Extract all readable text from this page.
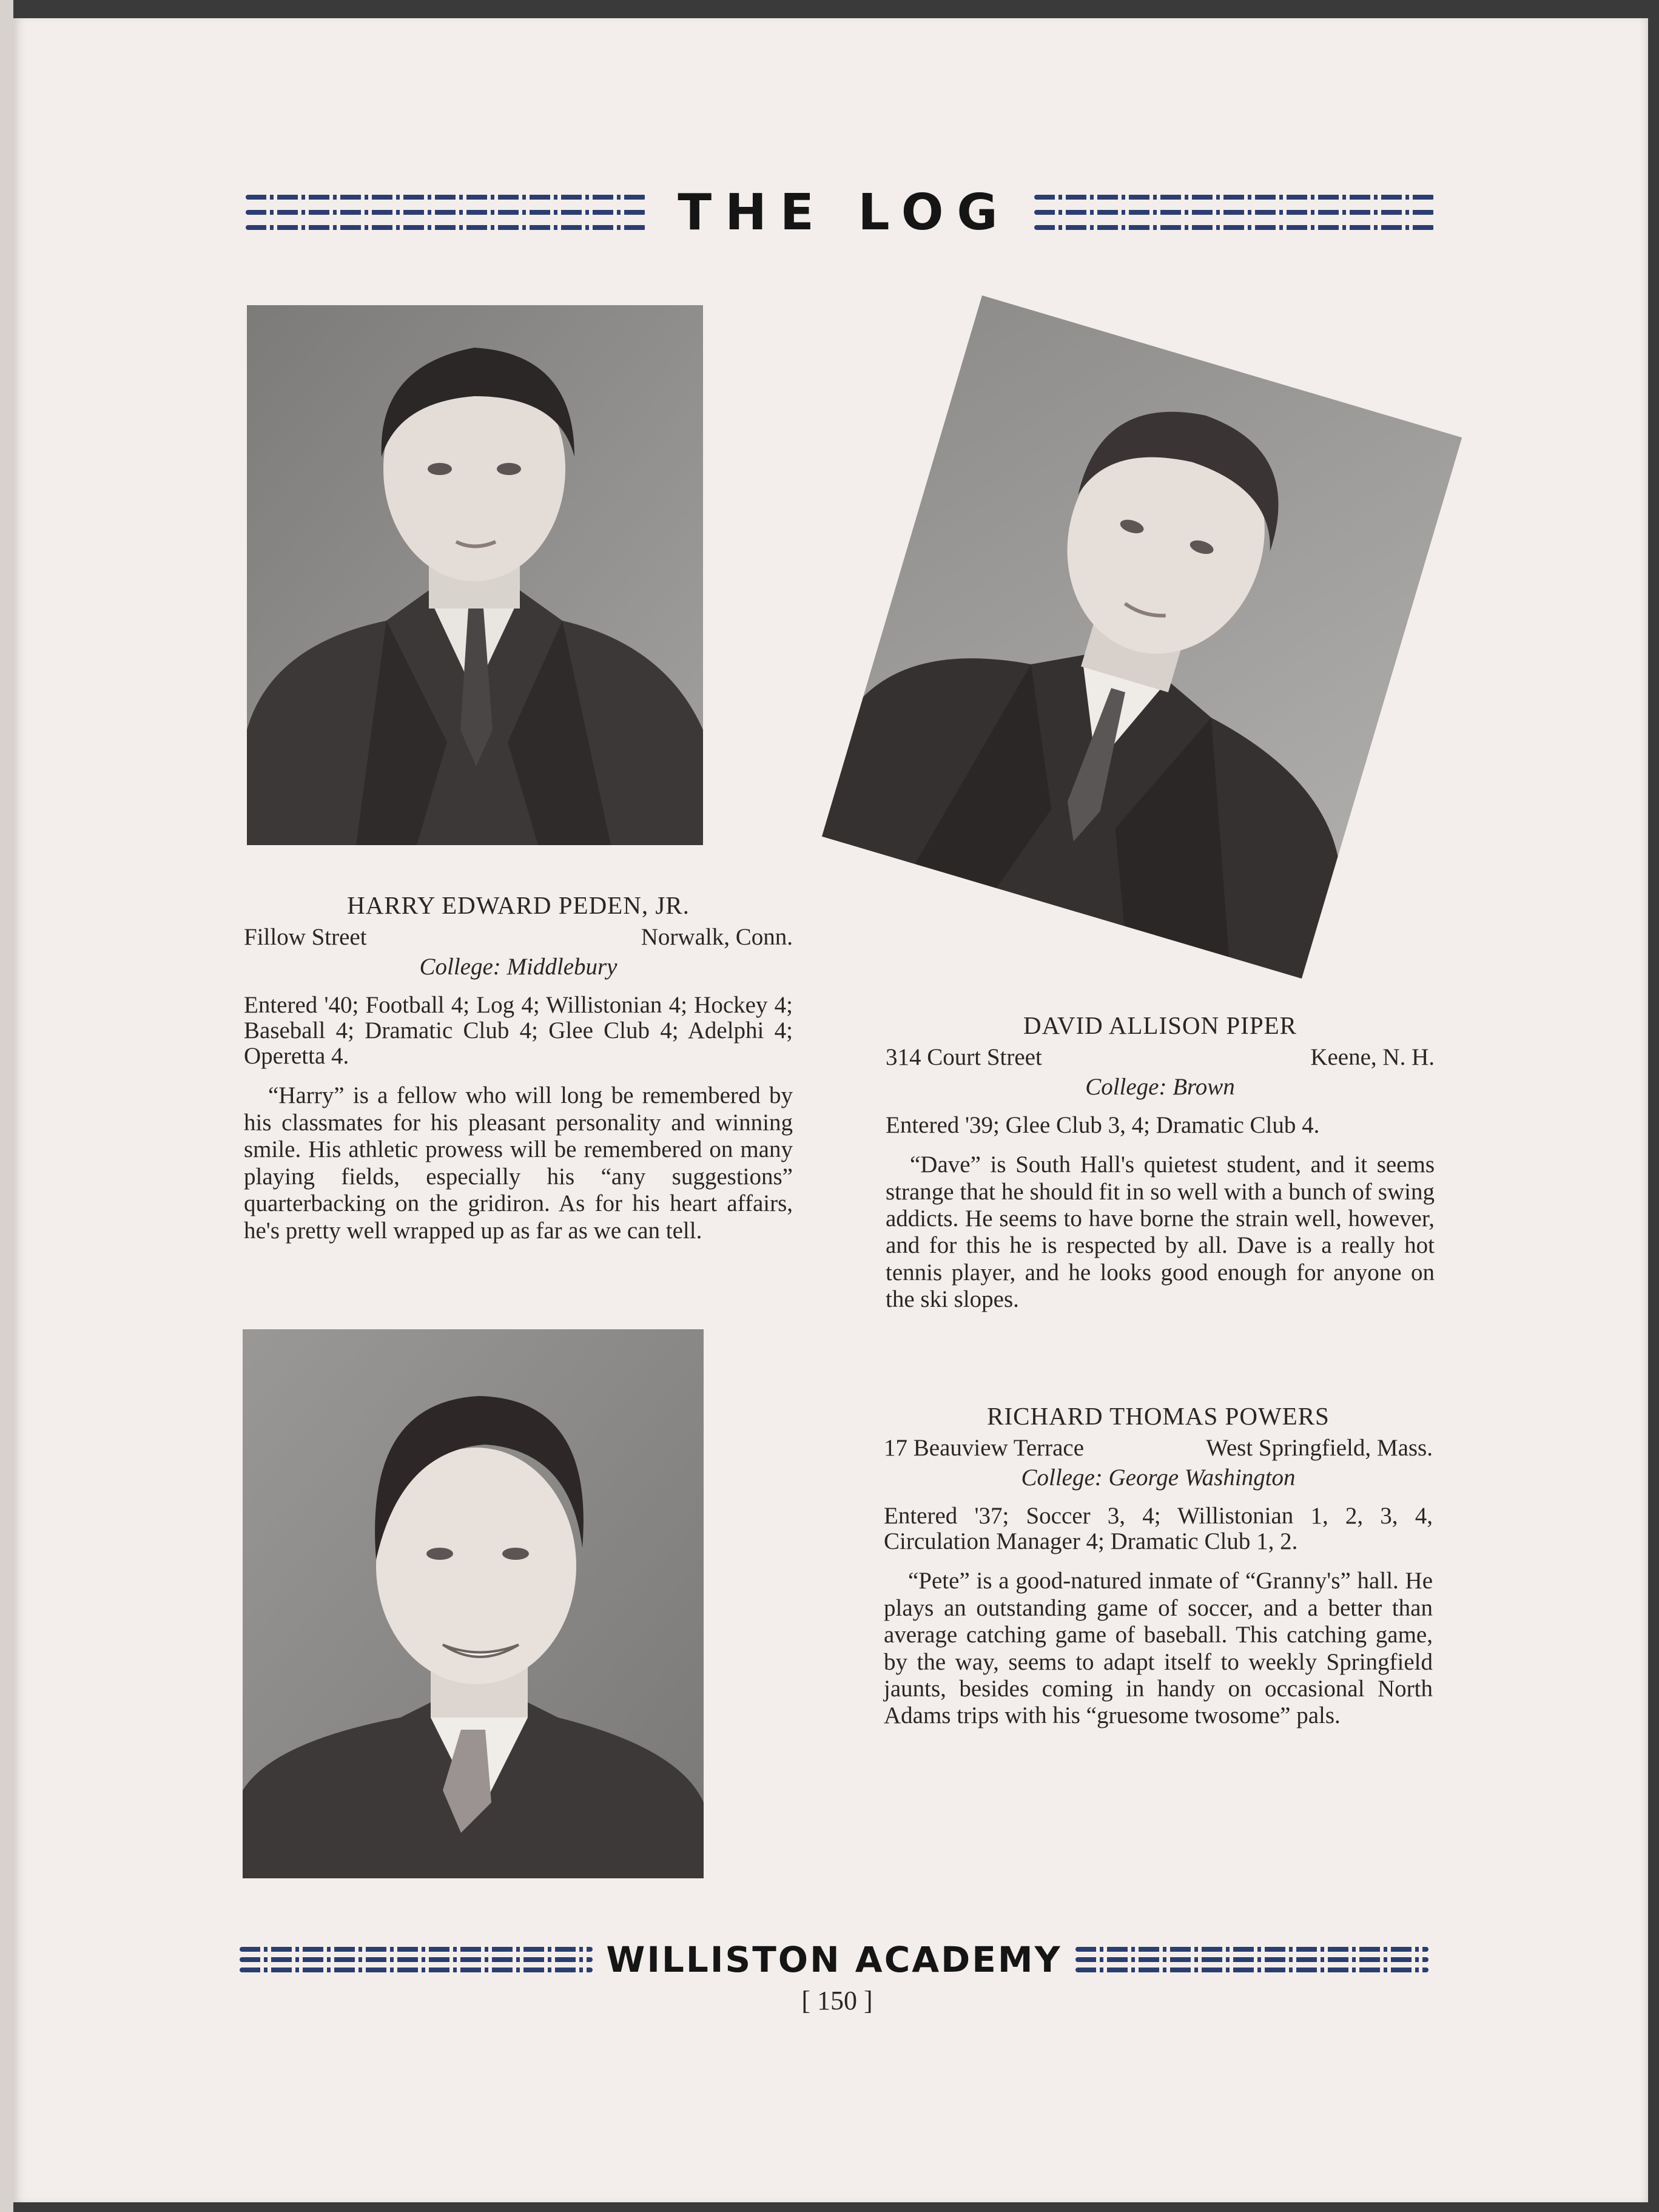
THE LOG
HARRY EDWARD PEDEN, JR.
Fillow Street	Norwalk, Conn.
College: Middlebury
Entered '40; Football 4; Log 4; Willistonian 4; Hockey 4; Baseball 4; Dramatic Club 4; Glee Club 4; Adelphi 4; Operetta 4.

“Harry” is a fellow who will long be remembered by his classmates for his pleasant personality and winning smile. His athletic prowess will be remembered on many playing fields, especially his “any suggestions” quarterbacking on the gridiron. As for his heart affairs, he's pretty well wrapped up as far as we can tell.

DAVID ALLISON PIPER
314 Court Street	Keene, N. H.
College: Brown
Entered '39; Glee Club 3, 4; Dramatic Club 4.

“Dave” is South Hall's quietest student, and it seems strange that he should fit in so well with a bunch of swing addicts. He seems to have borne the strain well, however, and for this he is respected by all. Dave is a really hot tennis player, and he looks good enough for anyone on the ski slopes.

RICHARD THOMAS POWERS
17 Beauview Terrace	West Springfield, Mass.
College: George Washington
Entered '37; Soccer 3, 4; Willistonian 1, 2, 3, 4, Circulation Manager 4; Dramatic Club 1, 2.

“Pete” is a good-natured inmate of “Granny's” hall. He plays an outstanding game of soccer, and a better than average catching game of baseball. This catching game, by the way, seems to adapt itself to weekly Springfield jaunts, besides coming in handy on occasional North Adams trips with his “gruesome twosome” pals.

WILLISTON ACADEMY
[ 150 ]
